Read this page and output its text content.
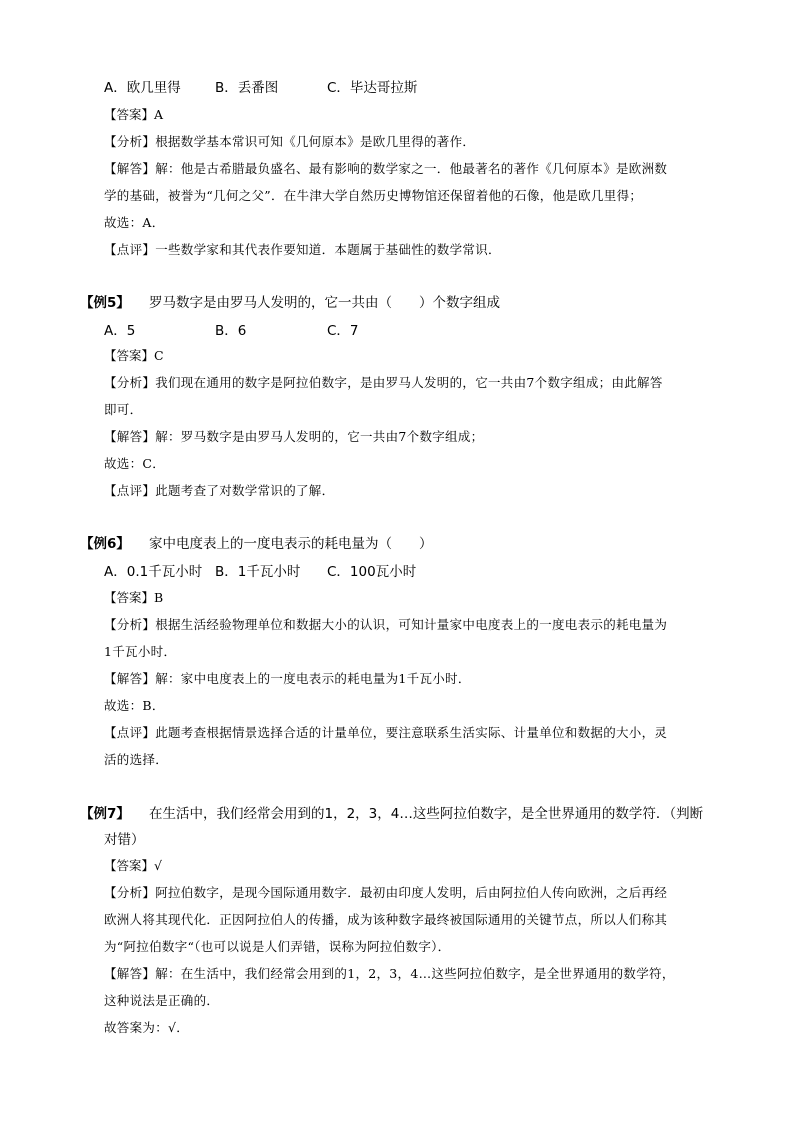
A．欧几里得	B．丢番图	C．毕达哥拉斯
【答案】A
【分析】根据数学基本常识可知《几何原本》是欧几里得的著作．
【解答】解：他是古希腊最负盛名、最有影响的数学家之一．他最著名的著作《几何原本》是欧洲数
学的基础，被誉为“几何之父”．在牛津大学自然历史博物馆还保留着他的石像，他是欧几里得；
故选：A．
【点评】一些数学家和其代表作要知道．本题属于基础性的数学常识．
【例5】 罗马数字是由罗马人发明的，它一共由（　　）个数字组成
A．5	B．6	C．7
【答案】C
【分析】我们现在通用的数字是阿拉伯数字，是由罗马人发明的，它一共由7个数字组成；由此解答
即可．
【解答】解：罗马数字是由罗马人发明的，它一共由7个数字组成；
故选：C．
【点评】此题考查了对数学常识的了解．
【例6】 家中电度表上的一度电表示的耗电量为（　　）
A．0.1千瓦小时 B．1千瓦小时 C．100瓦小时
【答案】B
【分析】根据生活经验物理单位和数据大小的认识，可知计量家中电度表上的一度电表示的耗电量为
1千瓦小时．
【解答】解：家中电度表上的一度电表示的耗电量为1千瓦小时．
故选：B．
【点评】此题考查根据情景选择合适的计量单位，要注意联系生活实际、计量单位和数据的大小，灵
活的选择．
【例7】 在生活中，我们经常会用到的1，2，3，4…这些阿拉伯数字，是全世界通用的数学符．（判断
对错）
【答案】√
【分析】阿拉伯数字，是现今国际通用数字．最初由印度人发明，后由阿拉伯人传向欧洲，之后再经
欧洲人将其现代化．正因阿拉伯人的传播，成为该种数字最终被国际通用的关键节点，所以人们称其
为“阿拉伯数字“（也可以说是人们弄错，误称为阿拉伯数字）．
【解答】解：在生活中，我们经常会用到的1，2，3，4…这些阿拉伯数字，是全世界通用的数学符，
这种说法是正确的．
故答案为：√．
